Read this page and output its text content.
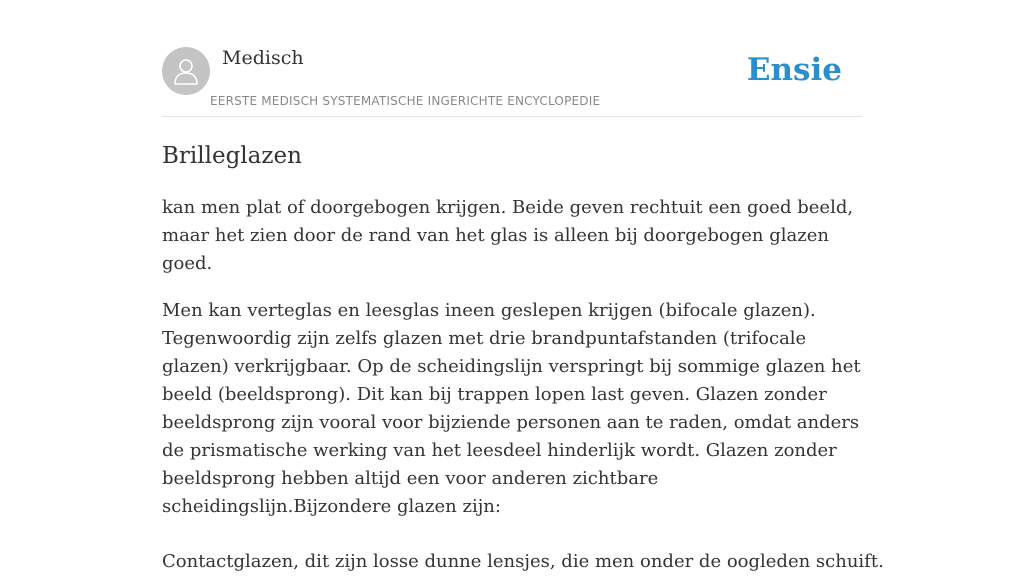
Medisch
EERSTE MEDISCH SYSTEMATISCHE INGERICHTE ENCYCLOPEDIE
Ensie
Brilleglazen

kan men plat of doorgebogen krijgen. Beide geven rechtuit een goed beeld, maar het zien door de rand van het glas is alleen bij doorgebogen glazen goed.

Men kan verteglas en leesglas ineen geslepen krijgen (bifocale glazen). Tegenwoordig zijn zelfs glazen met drie brandpuntafstanden (trifocale glazen) verkrijgbaar. Op de scheidingslijn verspringt bij sommige glazen het beeld (beeldsprong). Dit kan bij trappen lopen last geven. Glazen zonder beeldsprong zijn vooral voor bijziende personen aan te raden, omdat anders de prismatische werking van het leesdeel hinderlijk wordt. Glazen zonder beeldsprong hebben altijd een voor anderen zichtbare scheidingslijn.Bijzondere glazen zijn:

Contactglazen, dit zijn losse dunne lensjes, die men onder de oogleden schuift.
